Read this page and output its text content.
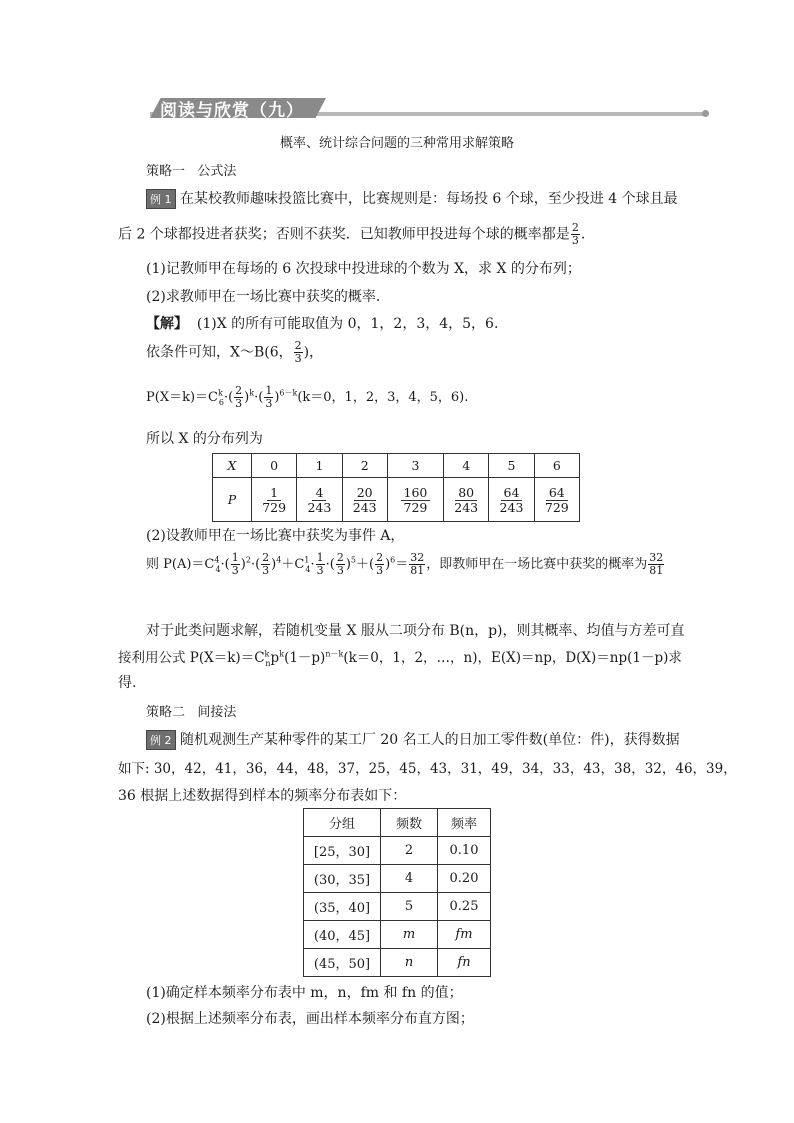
阅读与欣赏（九）
概率、统计综合问题的三种常用求解策略
策略一 公式法
例 1 在某校教师趣味投篮比赛中，比赛规则是：每场投 6 个球，至少投进 4 个球且最
后 2 个球都投进者获奖；否则不获奖．已知教师甲投进每个球的概率都是 $\frac{2}{3}$ .
(1)记教师甲在每场的 6 次投球中投进球的个数为 X，求 X 的分布列；
(2)求教师甲在一场比赛中获奖的概率．
【解】 (1)X 的所有可能取值为 0，1，2，3，4，5，6.
依条件可知，X～B(6， $\frac{2}{3}$ )，
$P(X=k)=C^k_6\cdot( \frac{2}{3} )^k\cdot( \frac{1}{3} )^{6-k}(k=0$，1，2，3，4，5，6).
所以 X 的分布列为
X	0	1	2	3	4	5	6
P	$\frac{1}{729}$	$\frac{4}{243}$	$\frac{20}{243}$	$\frac{160}{729}$	$\frac{80}{243}$	$\frac{64}{243}$	$\frac{64}{729}$
(2)设教师甲在一场比赛中获奖为事件 A，
则 $P(A)=C^4_4\cdot( \frac{1}{3} )^2\cdot( \frac{2}{3} )^4+C^1_4\cdot \frac{1}{3}$ ·( $\frac{2}{3} )^5+( \frac{2}{3} )^6= \frac{32}{81}$ ，即教师甲在一场比赛中获奖的概率为 $\frac{32}{81}$
对于此类问题求解，若随机变量 X 服从二项分布 B(n，p)，则其概率、均值与方差可直
接利用公式 $P(X=k)=C^k_np^k(1-p)^{n-k}(k=0$，1，2，…，n)，E(X)＝np，D(X)＝np(1－p)求
得.
策略二 间接法
例 2 随机观测生产某种零件的某工厂 20 名工人的日加工零件数(单位：件)，获得数据
如下: 30，42，41，36，44，48，37，25，45，43，31，49，34，33，43，38，32，46，39，
36 根据上述数据得到样本的频率分布表如下：
分组	频数	频率
[25，30]	2	0.10
(30，35]	4	0.20
(35，40]	5	0.25
(40，45]	m	fm
(45，50]	n	fn
(1)确定样本频率分布表中 m，n，fm 和 fn 的值；
(2)根据上述频率分布表，画出样本频率分布直方图；
